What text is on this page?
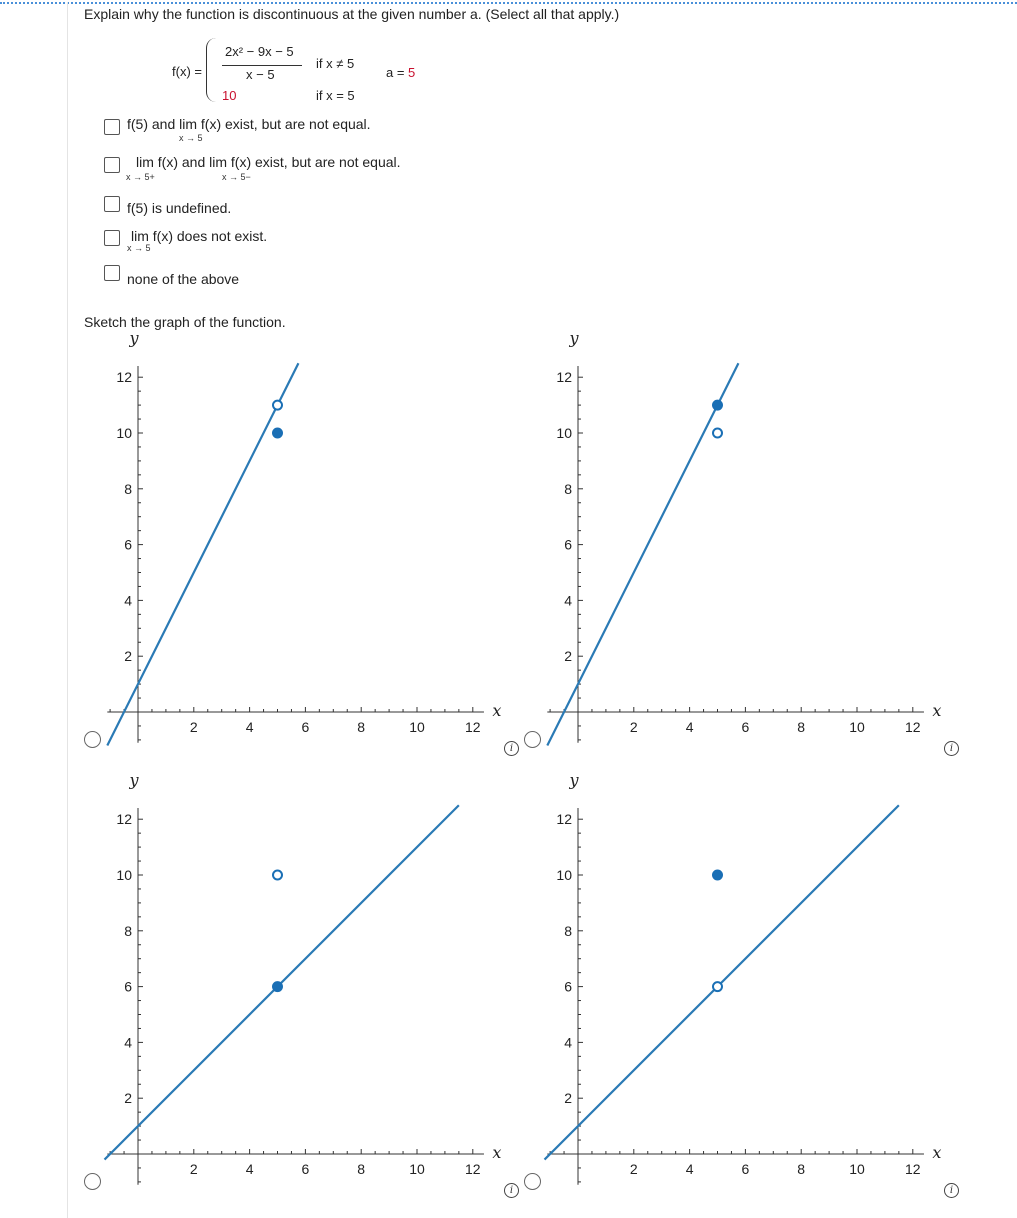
Explain why the function is discontinuous at the given number a. (Select all that apply.)
f(x) =
2x² − 9x − 5
x − 5
if x ≠ 5
10	if x = 5
a = 5
f(5) and lim f(x) exist, but are not equal.
x → 5
lim f(x) and lim f(x) exist, but are not equal.
x → 5+	x → 5−
f(5) is undefined.
lim f(x) does not exist.
x → 5
none of the above
Sketch the graph of the function.
2	4	6	8	10	12
2
4
6
8
10
12
x
y
2	4	6	8	10	12
2
4
6
8
10
12
x
y
2	4	6	8	10	12
2
4
6
8
10
12
x
y
2	4	6	8	10	12
2
4
6
8
10
12
x
y
i	i
i	i
